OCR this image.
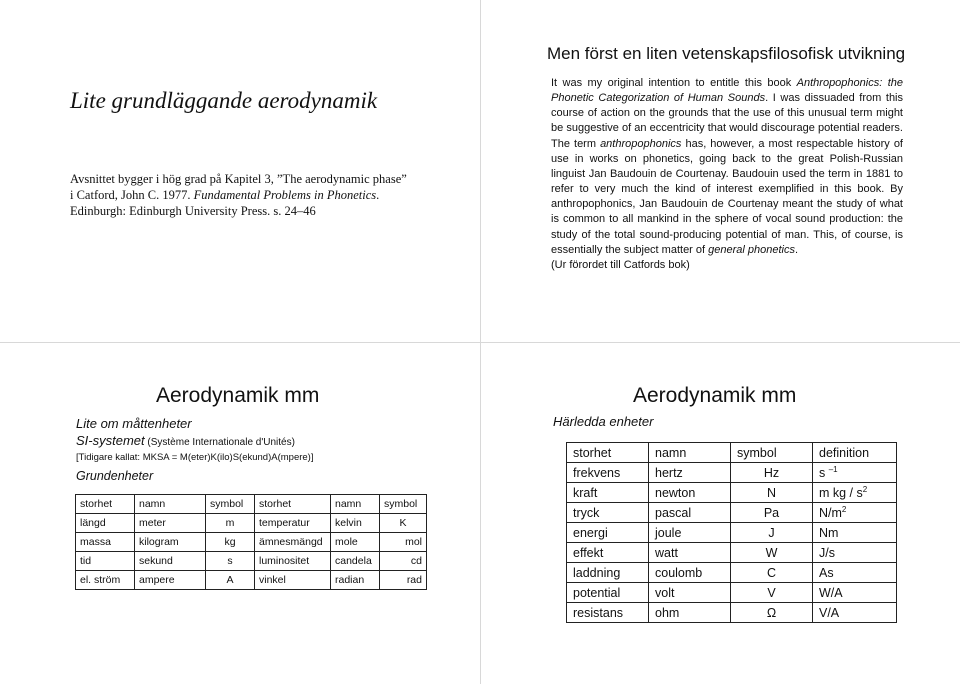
Lite grundläggande aerodynamik
Avsnittet bygger i hög grad på Kapitel 3, ”The aerodynamic phase” i Catford, John C. 1977. Fundamental Problems in Phonetics. Edinburgh: Edinburgh University Press. s. 24–46
Men först en liten vetenskapsfilosofisk utvikning
It was my original intention to entitle this book Anthropophonics: the Phonetic Categorization of Human Sounds. I was dissuaded from this course of action on the grounds that the use of this unusual term might be suggestive of an eccentricity that would discourage potential readers. The term anthropophonics has, however, a most respectable history of use in works on phonetics, going back to the great Polish-Russian linguist Jan Baudouin de Courtenay. Baudouin used the term in 1881 to refer to very much the kind of interest exemplified in this book. By anthropophonics, Jan Baudouin de Courtenay meant the study of what is common to all mankind in the sphere of vocal sound production: the study of the total sound-producing potential of man. This, of course, is essentially the subject matter of general phonetics.
(Ur förordet till Catfords bok)
Aerodynamik mm
Lite om måttenheter
SI-systemet (Système Internationale d'Unités)
[Tidigare kallat: MKSA = M(eter)K(ilo)S(ekund)A(mpere)]
Grundenheter
storhet	namn	symbol	storhet	namn	symbol
längd	meter	m	temperatur	kelvin	K
massa	kilogram	kg	ämnesmängd	mole	mol
tid	sekund	s	luminositet	candela	cd
el. ström	ampere	A	vinkel	radian	rad
Aerodynamik mm
Härledda enheter
storhet	namn	symbol	definition
frekvens	hertz	Hz	s $^{-1}$
kraft	newton	N	m kg / $s^2$
tryck	pascal	Pa	$N/m^2$
energi	joule	J	Nm
effekt	watt	W	J/s
laddning	coulomb	C	As
potential	volt	V	W/A
resistans	ohm	Ω	V/A
